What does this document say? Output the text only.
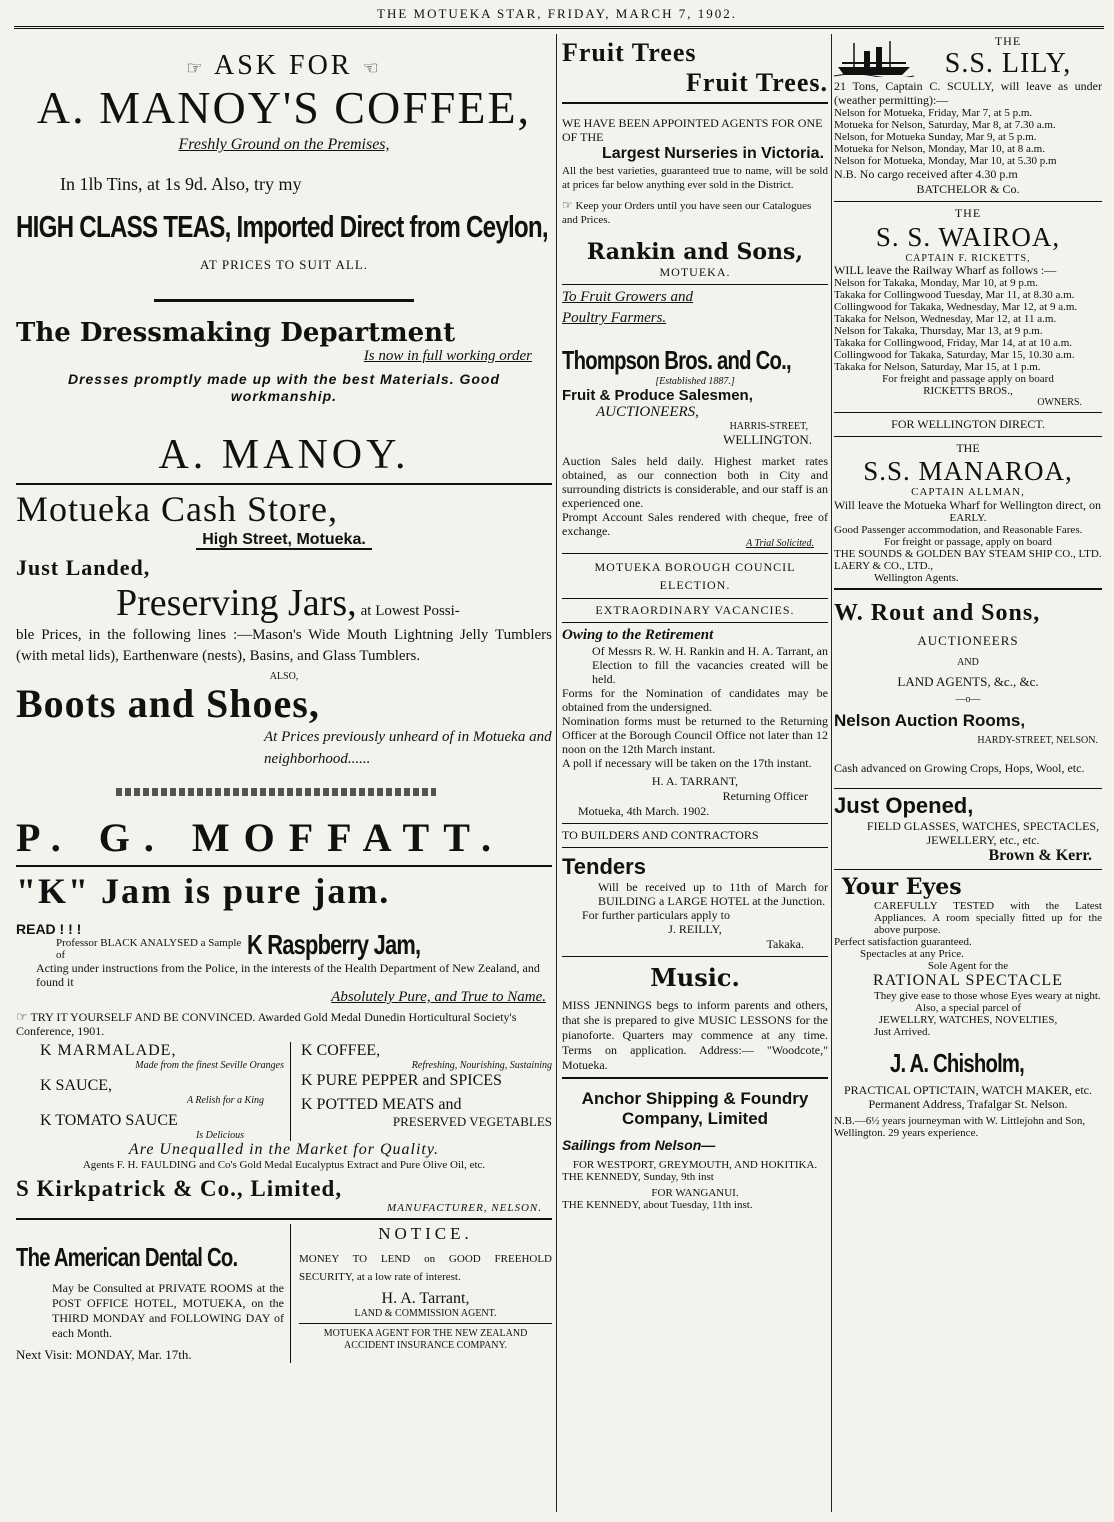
THE MOTUEKA STAR, FRIDAY, MARCH 7, 1902.
☞ ASK FOR ☜
A. MANOY'S COFFEE,
Freshly Ground on the Premises,
In 1lb Tins, at 1s 9d. Also, try my
HIGH CLASS TEAS, Imported Direct from Ceylon,
AT PRICES TO SUIT ALL.
The Dressmaking Department
Is now in full working order
Dresses promptly made up with the best Materials. Good workmanship.
A. MANOY.
Motueka Cash Store,
High Street, Motueka.
Just Landed,
Preserving Jars, at Lowest Possi-
ble Prices, in the following lines :—Mason's Wide Mouth Lightning Jelly Tumblers (with metal lids), Earthenware (nests), Basins, and Glass Tumblers.
ALSO,
Boots and Shoes,
At Prices previously unheard of in Motueka and neighborhood......
P. G. MOFFATT.
"K" Jam is pure jam.
READ ! ! !
Professor BLACK ANALYSED a Sample of	K Raspberry Jam,
Acting under instructions from the Police, in the interests of the Health Department of New Zealand, and found it
Absolutely Pure, and True to Name.
☞ TRY IT YOURSELF AND BE CONVINCED. Awarded Gold Medal Dunedin Horticultural Society's Conference, 1901.
K MARMALADE,
Made from the finest Seville Oranges
K SAUCE,
A Relish for a King
K TOMATO SAUCE
Is Delicious
K COFFEE,
Refreshing, Nourishing, Sustaining
K PURE PEPPER and SPICES
K POTTED MEATS and
PRESERVED VEGETABLES
Are Unequalled in the Market for Quality.
Agents F. H. FAULDING and Co's Gold Medal Eucalyptus Extract and Pure Olive Oil, etc.
S Kirkpatrick & Co., Limited,
MANUFACTURER, NELSON.
The American Dental Co.
May be Consulted at PRIVATE ROOMS at the POST OFFICE HOTEL, MOTUEKA, on the THIRD MONDAY and FOLLOWING DAY of each Month.
Next Visit: MONDAY, Mar. 17th.
NOTICE.
MONEY TO LEND on GOOD FREEHOLD SECURITY, at a low rate of interest.
H. A. Tarrant,
LAND & COMMISSION AGENT.
MOTUEKA AGENT FOR THE NEW ZEALAND ACCIDENT INSURANCE COMPANY.
Fruit Trees
Fruit Trees.
WE HAVE BEEN APPOINTED AGENTS FOR ONE OF THE
Largest Nurseries in Victoria.
All the best varieties, guaranteed true to name, will be sold at prices far below anything ever sold in the District.
☞ Keep your Orders until you have seen our Catalogues and Prices.
Rankin and Sons,
MOTUEKA.
To Fruit Growers and
Poultry Farmers.
Thompson Bros. and Co.,
[Established 1887.]
Fruit & Produce Salesmen,
AUCTIONEERS,
HARRIS-STREET,
WELLINGTON.
Auction Sales held daily. Highest market rates obtained, as our connection both in City and surrounding districts is considerable, and our staff is an experienced one.
Prompt Account Sales rendered with cheque, free of exchange.
A Trial Solicited.
MOTUEKA BOROUGH COUNCIL ELECTION.
EXTRAORDINARY VACANCIES.
Owing to the Retirement
Of Messrs R. W. H. Rankin and H. A. Tarrant, an Election to fill the vacancies created will be held.
Forms for the Nomination of candidates may be obtained from the undersigned.
Nomination forms must be returned to the Returning Officer at the Borough Council Office not later than 12 noon on the 12th March instant.
A poll if necessary will be taken on the 17th instant.
H. A. TARRANT,
Returning Officer
Motueka, 4th March. 1902.
TO BUILDERS AND CONTRACTORS
Tenders
Will be received up to 11th of March for BUILDING a LARGE HOTEL at the Junction.
For further particulars apply to
J. REILLY,
Takaka.
Music.
MISS JENNINGS begs to inform parents and others, that she is prepared to give MUSIC LESSONS for the pianoforte. Quarters may commence at any time. Terms on application. Address:— "Woodcote," Motueka.
Anchor Shipping & Foundry Company, Limited
Sailings from Nelson—
FOR WESTPORT, GREYMOUTH, AND HOKITIKA.
THE KENNEDY, Sunday, 9th inst
FOR WANGANUI.
THE KENNEDY, about Tuesday, 11th inst.
THE
S.S. LILY,
21 Tons, Captain C. SCULLY, will leave as under (weather permitting):—
Nelson for Motueka, Friday, Mar 7, at 5 p.m.
Motueka for Nelson, Saturday, Mar 8, at 7.30 a.m.
Nelson, for Motueka Sunday, Mar 9, at 5 p.m.
Motueka for Nelson, Monday, Mar 10, at 8 a.m.
Nelson for Motueka, Monday, Mar 10, at 5.30 p.m
N.B. No cargo received after 4.30 p.m
BATCHELOR & Co.
THE
S. S. WAIROA,
CAPTAIN F. RICKETTS,
WILL leave the Railway Wharf as follows :—
Nelson for Takaka, Monday, Mar 10, at 9 p.m.
Takaka for Collingwood Tuesday, Mar 11, at 8.30 a.m.
Collingwood for Takaka, Wednesday, Mar 12, at 9 a.m.
Takaka for Nelson, Wednesday, Mar 12, at 11 a.m.
Nelson for Takaka, Thursday, Mar 13, at 9 p.m.
Takaka for Collingwood, Friday, Mar 14, at at 10 a.m.
Collingwood for Takaka, Saturday, Mar 15, 10.30 a.m.
Takaka for Nelson, Saturday, Mar 15, at 1 p.m.
For freight and passage apply on board
RICKETTS BROS.,
OWNERS.
FOR WELLINGTON DIRECT.
THE
S.S. MANAROA,
CAPTAIN ALLMAN,
Will leave the Motueka Wharf for Wellington direct, on
EARLY.
Good Passenger accommodation, and Reasonable Fares.
For freight or passage, apply on board
THE SOUNDS & GOLDEN BAY STEAM SHIP CO., LTD.
LAERY & CO., LTD.,
Wellington Agents.
W. Rout and Sons,
AUCTIONEERS
AND
LAND AGENTS, &c., &c.
—o—
Nelson Auction Rooms,
HARDY-STREET, NELSON.
Cash advanced on Growing Crops, Hops, Wool, etc.
Just Opened,
FIELD GLASSES, WATCHES, SPECTACLES, JEWELLERY, etc., etc.
Brown & Kerr.
Your Eyes
CAREFULLY TESTED with the Latest Appliances. A room specially fitted up for the above purpose.
Perfect satisfaction guaranteed.
Spectacles at any Price.
Sole Agent for the
RATIONAL SPECTACLE
They give ease to those whose Eyes weary at night.
Also, a special parcel of
JEWELLRY, WATCHES, NOVELTIES,
Just Arrived.
J. A. Chisholm,
PRACTICAL OPTICTAIN, WATCH MAKER, etc.
Permanent Address, Trafalgar St. Nelson.
N.B.—6½ years journeyman with W. Littlejohn and Son, Wellington. 29 years experience.
